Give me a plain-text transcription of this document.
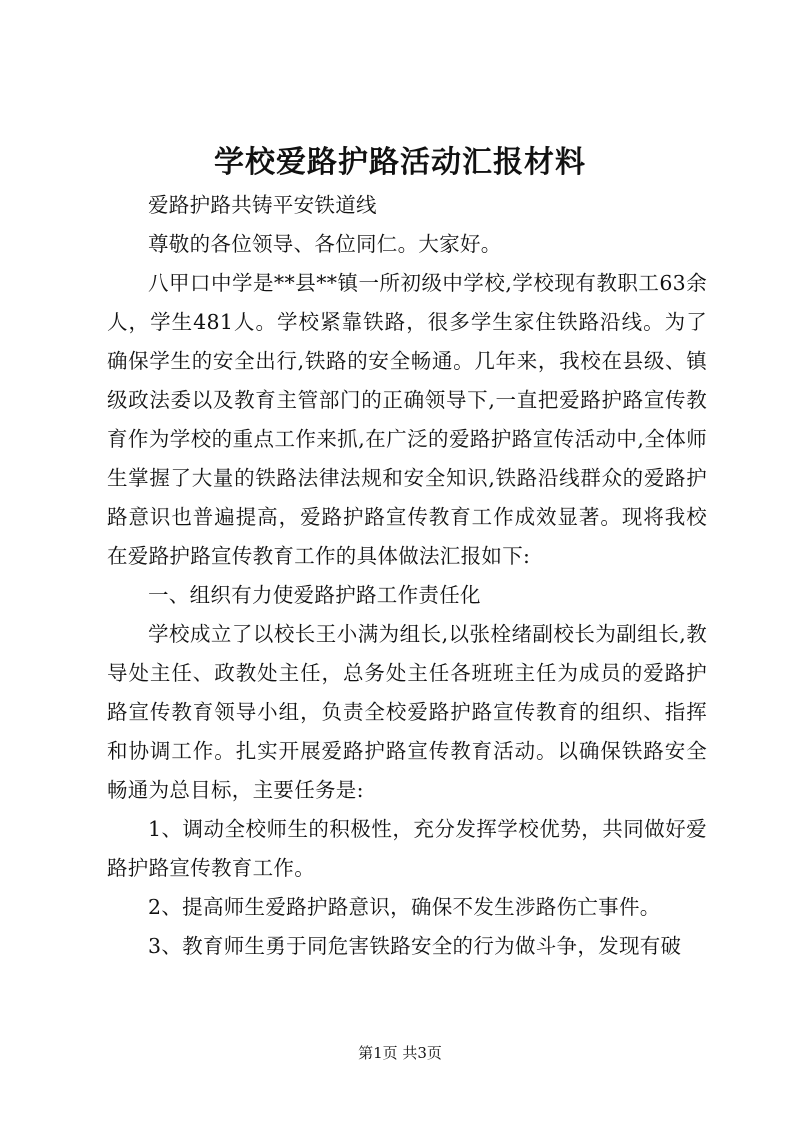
学校爱路护路活动汇报材料

爱路护路共铸平安铁道线

尊敬的各位领导、各位同仁。大家好。

八甲口中学是**县**镇一所初级中学校,学校现有教职工63余人，学生481人。学校紧靠铁路，很多学生家住铁路沿线。为了确保学生的安全出行,铁路的安全畅通。几年来，我校在县级、镇级政法委以及教育主管部门的正确领导下,一直把爱路护路宣传教育作为学校的重点工作来抓,在广泛的爱路护路宣传活动中,全体师生掌握了大量的铁路法律法规和安全知识,铁路沿线群众的爱路护路意识也普遍提高，爱路护路宣传教育工作成效显著。现将我校在爱路护路宣传教育工作的具体做法汇报如下:

一、组织有力使爱路护路工作责任化

学校成立了以校长王小满为组长,以张栓绪副校长为副组长,教导处主任、政教处主任，总务处主任各班班主任为成员的爱路护路宣传教育领导小组，负责全校爱路护路宣传教育的组织、指挥和协调工作。扎实开展爱路护路宣传教育活动。以确保铁路安全畅通为总目标，主要任务是:

1、调动全校师生的积极性，充分发挥学校优势，共同做好爱路护路宣传教育工作。

2、提高师生爱路护路意识，确保不发生涉路伤亡事件。

3、教育师生勇于同危害铁路安全的行为做斗争，发现有破

第1页 共3页
